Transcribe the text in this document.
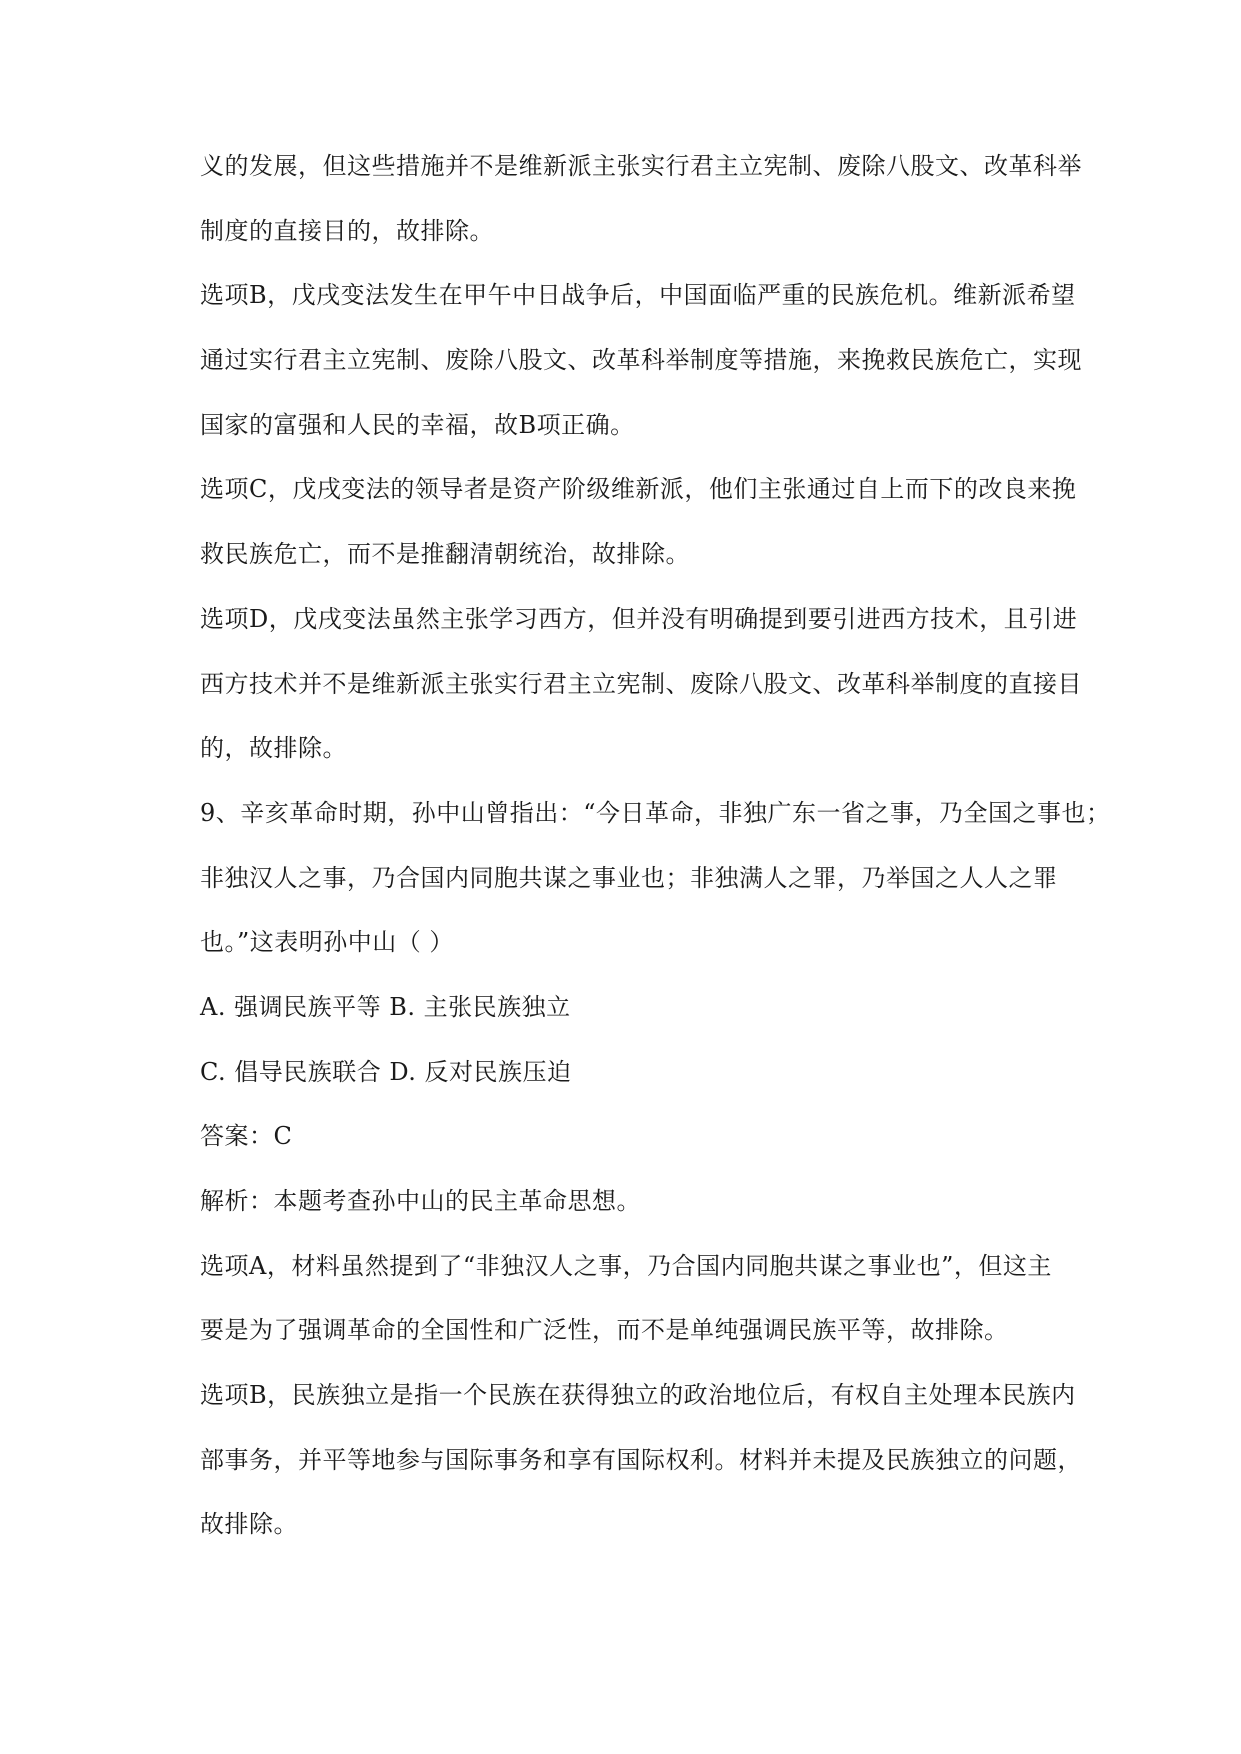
义的发展，但这些措施并不是维新派主张实行君主立宪制、废除八股文、改革科举
制度的直接目的，故排除。
选项B，戊戌变法发生在甲午中日战争后，中国面临严重的民族危机。维新派希望
通过实行君主立宪制、废除八股文、改革科举制度等措施，来挽救民族危亡，实现
国家的富强和人民的幸福，故B项正确。
选项C，戊戌变法的领导者是资产阶级维新派，他们主张通过自上而下的改良来挽
救民族危亡，而不是推翻清朝统治，故排除。
选项D，戊戌变法虽然主张学习西方，但并没有明确提到要引进西方技术，且引进
西方技术并不是维新派主张实行君主立宪制、废除八股文、改革科举制度的直接目
的，故排除。
9、辛亥革命时期，孙中山曾指出：“今日革命，非独广东一省之事，乃全国之事也；
非独汉人之事，乃合国内同胞共谋之事业也；非独满人之罪，乃举国之人人之罪
也。”这表明孙中山（ ）
A. 强调民族平等 B. 主张民族独立
C. 倡导民族联合 D. 反对民族压迫
答案：C
解析：本题考查孙中山的民主革命思想。
选项A，材料虽然提到了“非独汉人之事，乃合国内同胞共谋之事业也”，但这主
要是为了强调革命的全国性和广泛性，而不是单纯强调民族平等，故排除。
选项B，民族独立是指一个民族在获得独立的政治地位后，有权自主处理本民族内
部事务，并平等地参与国际事务和享有国际权利。材料并未提及民族独立的问题，
故排除。
